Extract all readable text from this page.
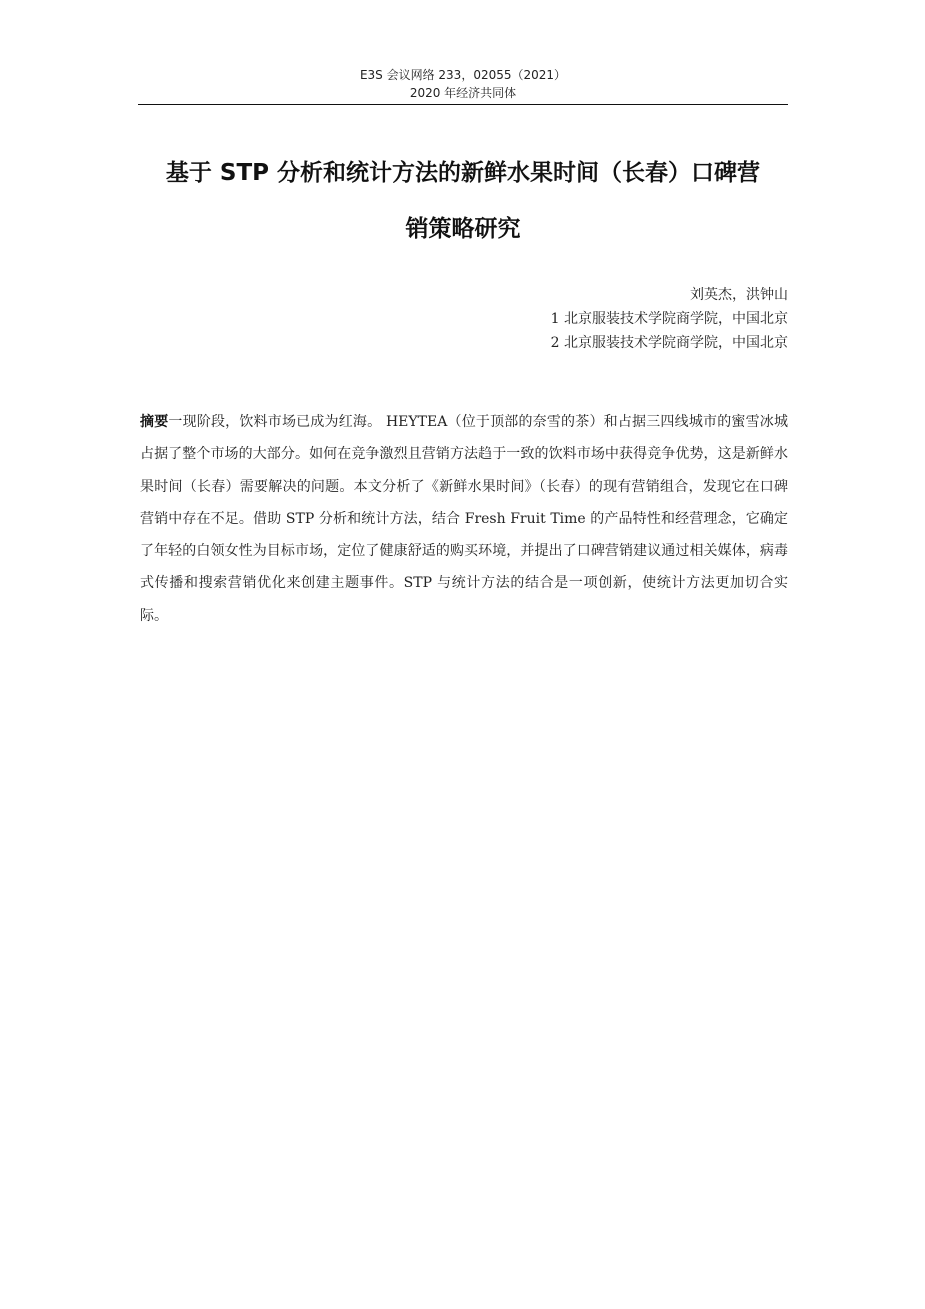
E3S 会议网络 233，02055（2021）
2020 年经济共同体
基于 STP 分析和统计方法的新鲜水果时间（长春）口碑营
销策略研究
刘英杰，洪钟山
1 北京服装技术学院商学院，中国北京
2 北京服装技术学院商学院，中国北京
摘要一现阶段，饮料市场已成为红海。 HEYTEA（位于顶部的奈雪的茶）和占据三四线城市的蜜雪冰城占据了整个市场的大部分。如何在竞争激烈且营销方法趋于一致的饮料市场中获得竞争优势，这是新鲜水果时间（长春）需要解决的问题。本文分析了《新鲜水果时间》（长春）的现有营销组合，发现它在口碑营销中存在不足。借助 STP 分析和统计方法，结合 Fresh Fruit Time 的产品特性和经营理念，它确定了年轻的白领女性为目标市场，定位了健康舒适的购买环境，并提出了口碑营销建议通过相关媒体，病毒式传播和搜索营销优化来创建主题事件。STP 与统计方法的结合是一项创新，使统计方法更加切合实际。
